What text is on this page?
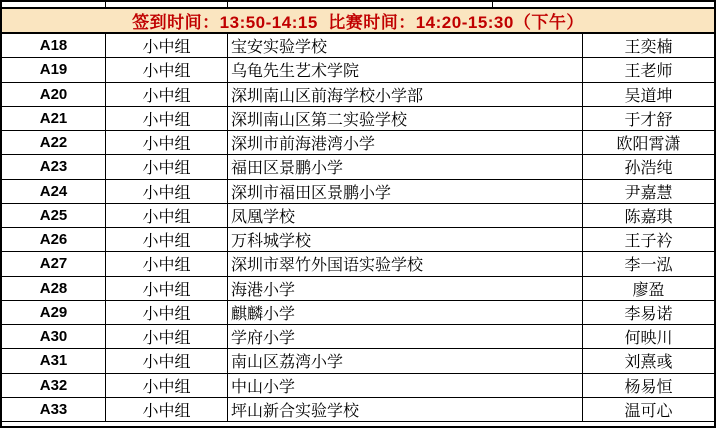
签到时间：13:50-14:15  比赛时间：14:20-15:30（下午）
A18	小中组	宝安实验学校	王奕楠
A19	小中组	乌龟先生艺术学院	王老师
A20	小中组	深圳南山区前海学校小学部	吴道坤
A21	小中组	深圳南山区第二实验学校	于才舒
A22	小中组	深圳市前海港湾小学	欧阳霄潇
A23	小中组	福田区景鹏小学	孙浩纯
A24	小中组	深圳市福田区景鹏小学	尹嘉慧
A25	小中组	凤凰学校	陈嘉琪
A26	小中组	万科城学校	王子衿
A27	小中组	深圳市翠竹外国语实验学校	李一泓
A28	小中组	海港小学	廖盈
A29	小中组	麒麟小学	李易诺
A30	小中组	学府小学	何映川
A31	小中组	南山区荔湾小学	刘熹彧
A32	小中组	中山小学	杨易恒
A33	小中组	坪山新合实验学校	温可心
